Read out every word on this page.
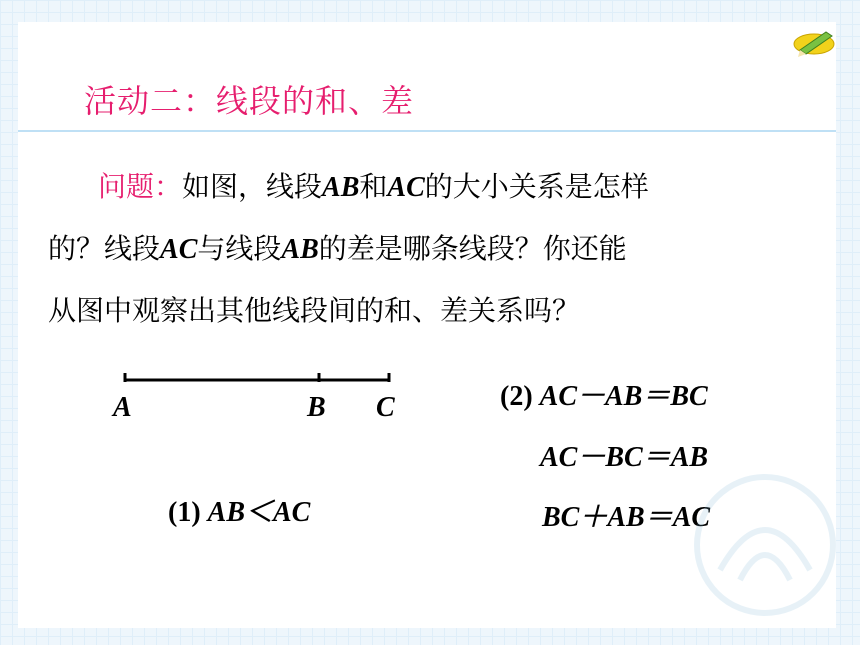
活动二：线段的和、差
问题：如图，线段AB和AC的大小关系是怎样
的？线段AC与线段AB的差是哪条线段？你还能
从图中观察出其他线段间的和、差关系吗？
A	B C
(1) AB＜AC
(2) AC－AB＝BC
AC－BC＝AB
BC＋AB＝AC
